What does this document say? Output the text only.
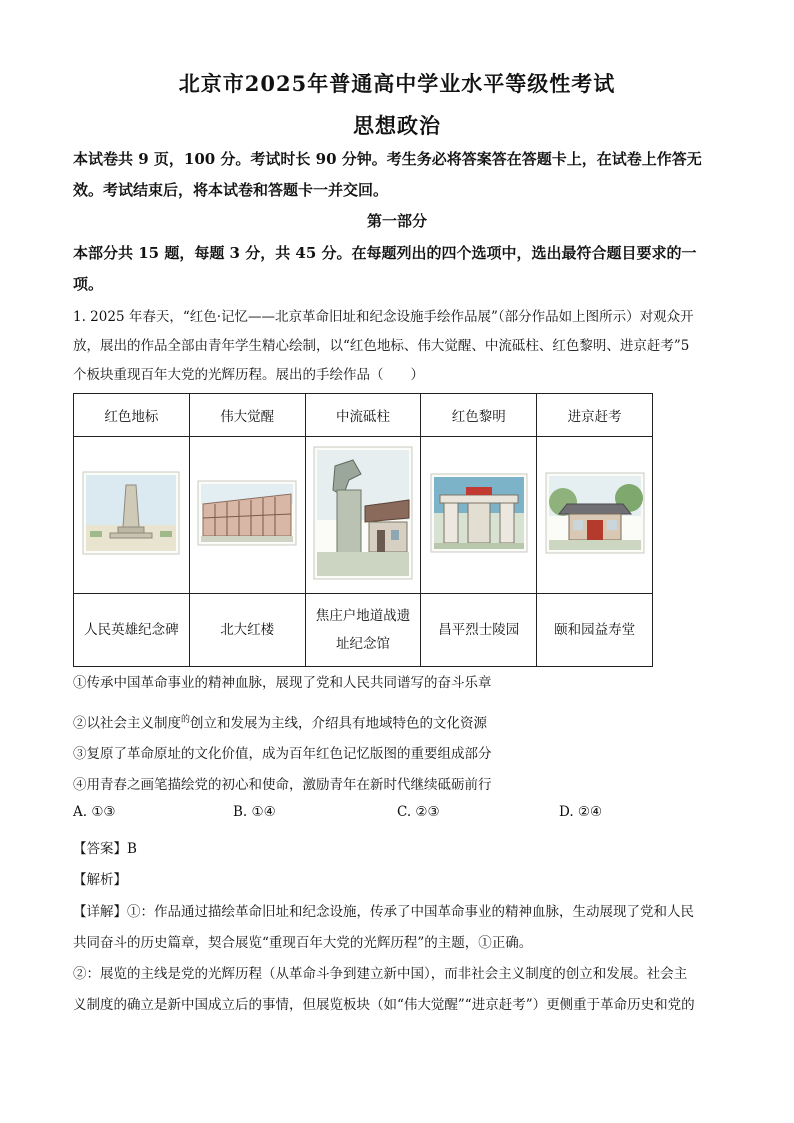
北京市2025年普通高中学业水平等级性考试
思想政治
本试卷共 9 页，100 分。考试时长 90 分钟。考生务必将答案答在答题卡上，在试卷上作答无
效。考试结束后，将本试卷和答题卡一并交回。
第一部分
本部分共 15 题，每题 3 分，共 45 分。在每题列出的四个选项中，选出最符合题目要求的一
项。
1. 2025 年春天，“红色·记忆——北京革命旧址和纪念设施手绘作品展”（部分作品如上图所示）对观众开
放，展出的作品全部由青年学生精心绘制，以“红色地标、伟大觉醒、中流砥柱、红色黎明、进京赶考”5
个板块重现百年大党的光辉历程。展出的手绘作品（　　）
红色地标	伟大觉醒	中流砥柱	红色黎明	进京赶考

人民英雄纪念碑	北大红楼	焦庄户地道战遗址纪念馆	昌平烈士陵园	颐和园益寿堂
①传承中国革命事业的精神血脉，展现了党和人民共同谱写的奋斗乐章
②以社会主义制度$^的$创立和发展为主线，介绍具有地域特色的文化资源
③复原了革命原址的文化价值，成为百年红色记忆版图的重要组成部分
④用青春之画笔描绘党的初心和使命，激励青年在新时代继续砥砺前行
A. ①③	B. ①④	C. ②③	D. ②④
【答案】B
【解析】
【详解】①：作品通过描绘革命旧址和纪念设施，传承了中国革命事业的精神血脉，生动展现了党和人民
共同奋斗的历史篇章，契合展览“重现百年大党的光辉历程”的主题，①正确。
②：展览的主线是党的光辉历程（从革命斗争到建立新中国），而非社会主义制度的创立和发展。社会主
义制度的确立是新中国成立后的事情，但展览板块（如“伟大觉醒”“进京赶考”）更侧重于革命历史和党的
